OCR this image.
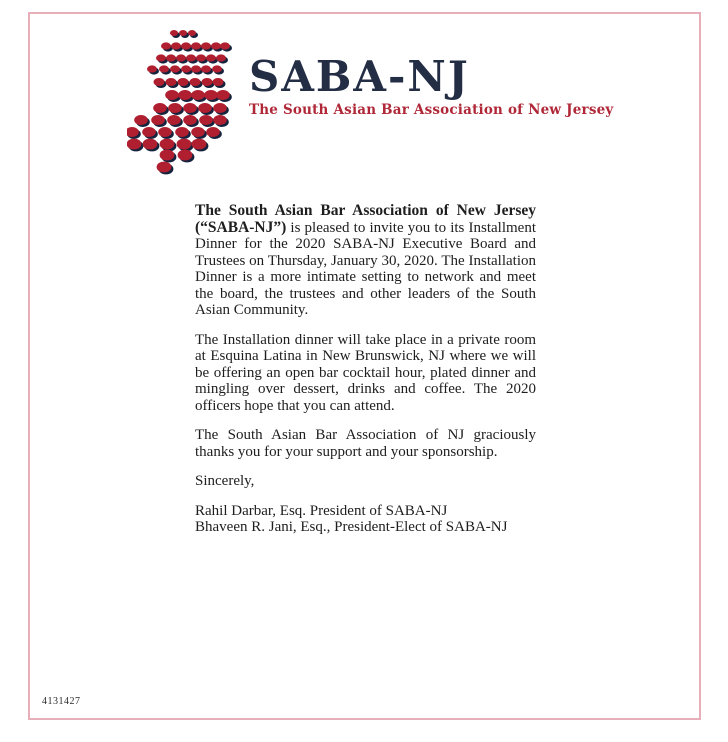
SABA-NJ
The South Asian Bar Association of New Jersey

The South Asian Bar Association of New Jersey (“SABA-NJ”) is pleased to invite you to its Installment Dinner for the 2020 SABA-NJ Executive Board and Trustees on Thursday, January 30, 2020. The Installation Dinner is a more intimate setting to network and meet the board, the trustees and other leaders of the South Asian Community.

The Installation dinner will take place in a private room at Esquina Latina in New Brunswick, NJ where we will be offering an open bar cocktail hour, plated dinner and mingling over dessert, drinks and coffee. The 2020 officers hope that you can attend.

The South Asian Bar Association of NJ graciously thanks you for your support and your sponsorship.

Sincerely,

Rahil Darbar, Esq. President of SABA-NJ
Bhaveen R. Jani, Esq., President-Elect of SABA-NJ

4131427
